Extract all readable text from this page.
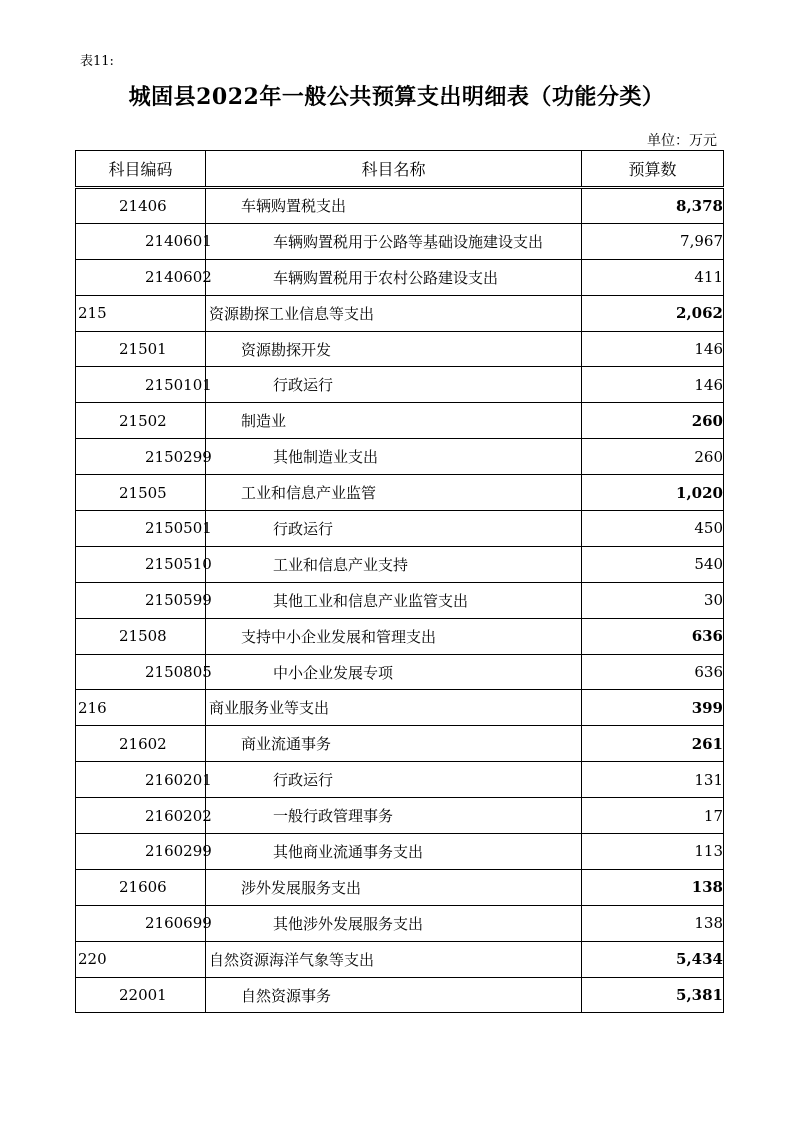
表11:
城固县2022年一般公共预算支出明细表（功能分类）
单位：万元
科目编码	科目名称	预算数
21406	车辆购置税支出	8,378
2140601	车辆购置税用于公路等基础设施建设支出	7,967
2140602	车辆购置税用于农村公路建设支出	411
215	资源勘探工业信息等支出	2,062
21501	资源勘探开发	146
2150101	行政运行	146
21502	制造业	260
2150299	其他制造业支出	260
21505	工业和信息产业监管	1,020
2150501	行政运行	450
2150510	工业和信息产业支持	540
2150599	其他工业和信息产业监管支出	30
21508	支持中小企业发展和管理支出	636
2150805	中小企业发展专项	636
216	商业服务业等支出	399
21602	商业流通事务	261
2160201	行政运行	131
2160202	一般行政管理事务	17
2160299	其他商业流通事务支出	113
21606	涉外发展服务支出	138
2160699	其他涉外发展服务支出	138
220	自然资源海洋气象等支出	5,434
22001	自然资源事务	5,381
